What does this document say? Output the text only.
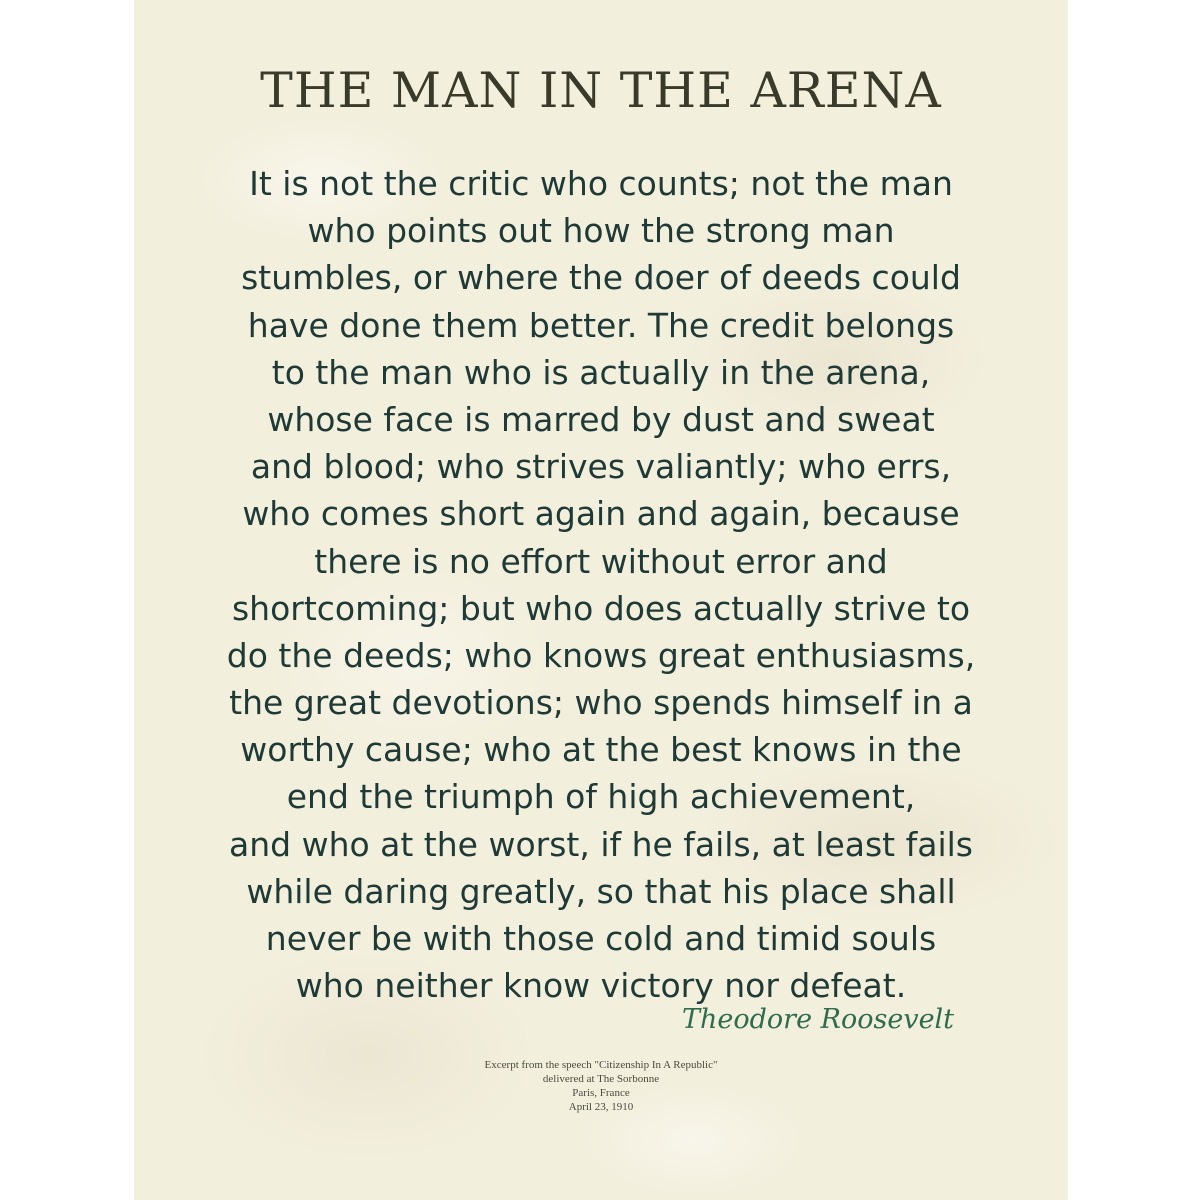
THE MAN IN THE ARENA
It is not the critic who counts; not the man
who points out how the strong man
stumbles, or where the doer of deeds could
have done them better. The credit belongs
to the man who is actually in the arena,
whose face is marred by dust and sweat
and blood; who strives valiantly; who errs,
who comes short again and again, because
there is no effort without error and
shortcoming; but who does actually strive to
do the deeds; who knows great enthusiasms,
the great devotions; who spends himself in a
worthy cause; who at the best knows in the
end the triumph of high achievement,
and who at the worst, if he fails, at least fails
while daring greatly, so that his place shall
never be with those cold and timid souls
who neither know victory nor defeat.
Theodore Roosevelt
Excerpt from the speech "Citizenship In A Republic"
delivered at The Sorbonne
Paris, France
April 23, 1910
